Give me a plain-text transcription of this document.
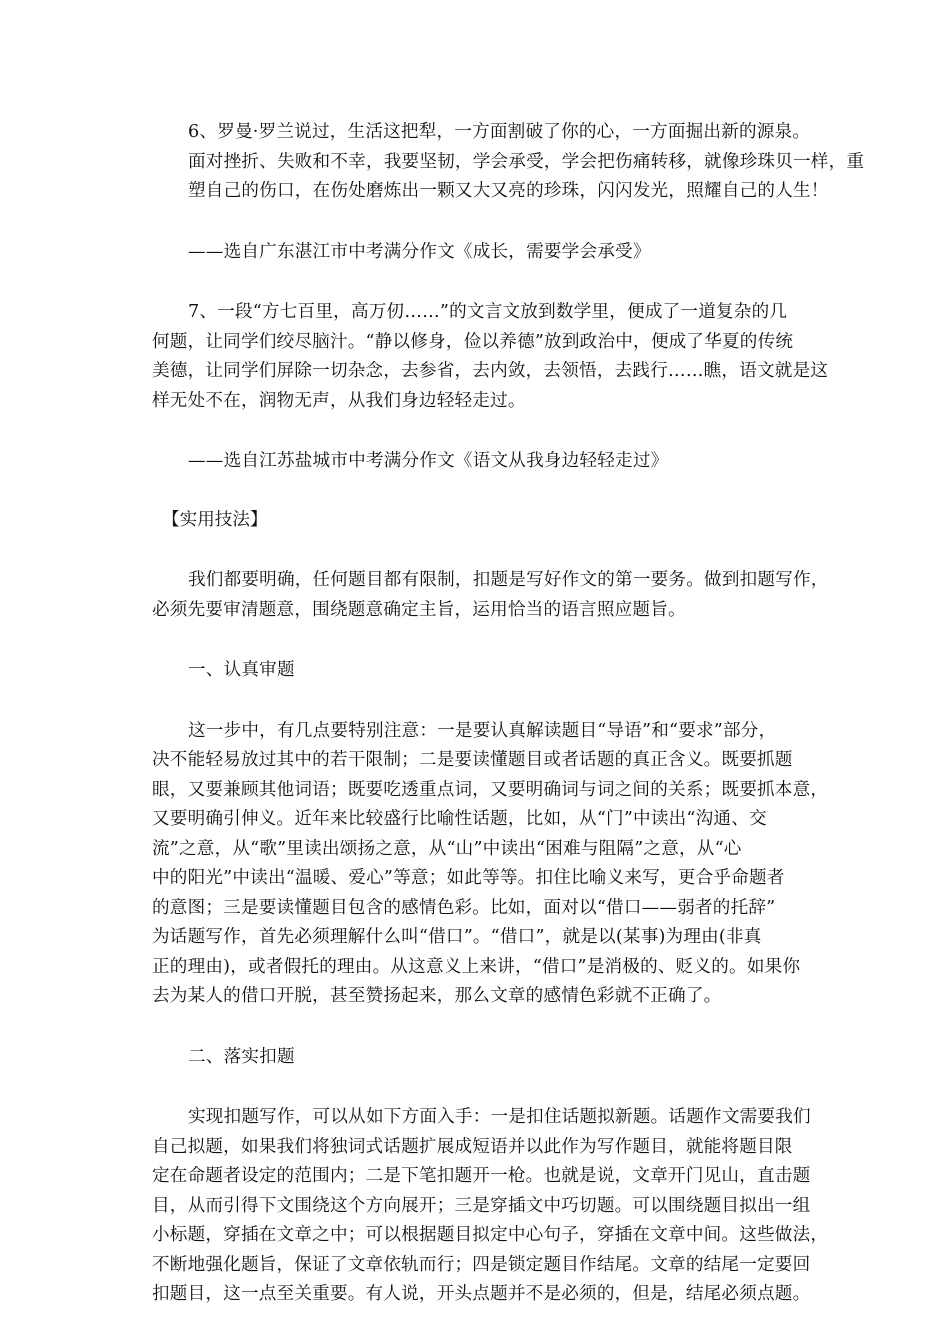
6、罗曼·罗兰说过，生活这把犁，一方面割破了你的心，一方面掘出新的源泉。
面对挫折、失败和不幸，我要坚韧，学会承受，学会把伤痛转移，就像珍珠贝一样，重
塑自己的伤口，在伤处磨炼出一颗又大又亮的珍珠，闪闪发光，照耀自己的人生！

——选自广东湛江市中考满分作文《成长，需要学会承受》

7、一段“方七百里，高万仞……”的文言文放到数学里，便成了一道复杂的几
何题，让同学们绞尽脑汁。“静以修身，俭以养德”放到政治中，便成了华夏的传统
美德，让同学们屏除一切杂念，去参省，去内敛，去领悟，去践行……瞧，语文就是这
样无处不在，润物无声，从我们身边轻轻走过。

——选自江苏盐城市中考满分作文《语文从我身边轻轻走过》

【实用技法】

我们都要明确，任何题目都有限制，扣题是写好作文的第一要务。做到扣题写作，
必须先要审清题意，围绕题意确定主旨，运用恰当的语言照应题旨。

一、认真审题

这一步中，有几点要特别注意：一是要认真解读题目“导语”和“要求”部分，
决不能轻易放过其中的若干限制；二是要读懂题目或者话题的真正含义。既要抓题
眼，又要兼顾其他词语；既要吃透重点词，又要明确词与词之间的关系；既要抓本意，
又要明确引伸义。近年来比较盛行比喻性话题，比如，从“门”中读出“沟通、交
流”之意，从“歌”里读出颂扬之意，从“山”中读出“困难与阻隔”之意，从“心
中的阳光”中读出“温暖、爱心”等意；如此等等。扣住比喻义来写，更合乎命题者
的意图；三是要读懂题目包含的感情色彩。比如，面对以“借口——弱者的托辞”
为话题写作，首先必须理解什么叫“借口”。“借口”，就是以(某事)为理由(非真
正的理由)，或者假托的理由。从这意义上来讲，“借口”是消极的、贬义的。如果你
去为某人的借口开脱，甚至赞扬起来，那么文章的感情色彩就不正确了。

二、落实扣题

实现扣题写作，可以从如下方面入手：一是扣住话题拟新题。话题作文需要我们
自己拟题，如果我们将独词式话题扩展成短语并以此作为写作题目，就能将题目限
定在命题者设定的范围内；二是下笔扣题开一枪。也就是说，文章开门见山，直击题
目，从而引得下文围绕这个方向展开；三是穿插文中巧切题。可以围绕题目拟出一组
小标题，穿插在文章之中；可以根据题目拟定中心句子，穿插在文章中间。这些做法，
不断地强化题旨，保证了文章依轨而行；四是锁定题目作结尾。文章的结尾一定要回
扣题目，这一点至关重要。有人说，开头点题并不是必须的，但是，结尾必须点题。
